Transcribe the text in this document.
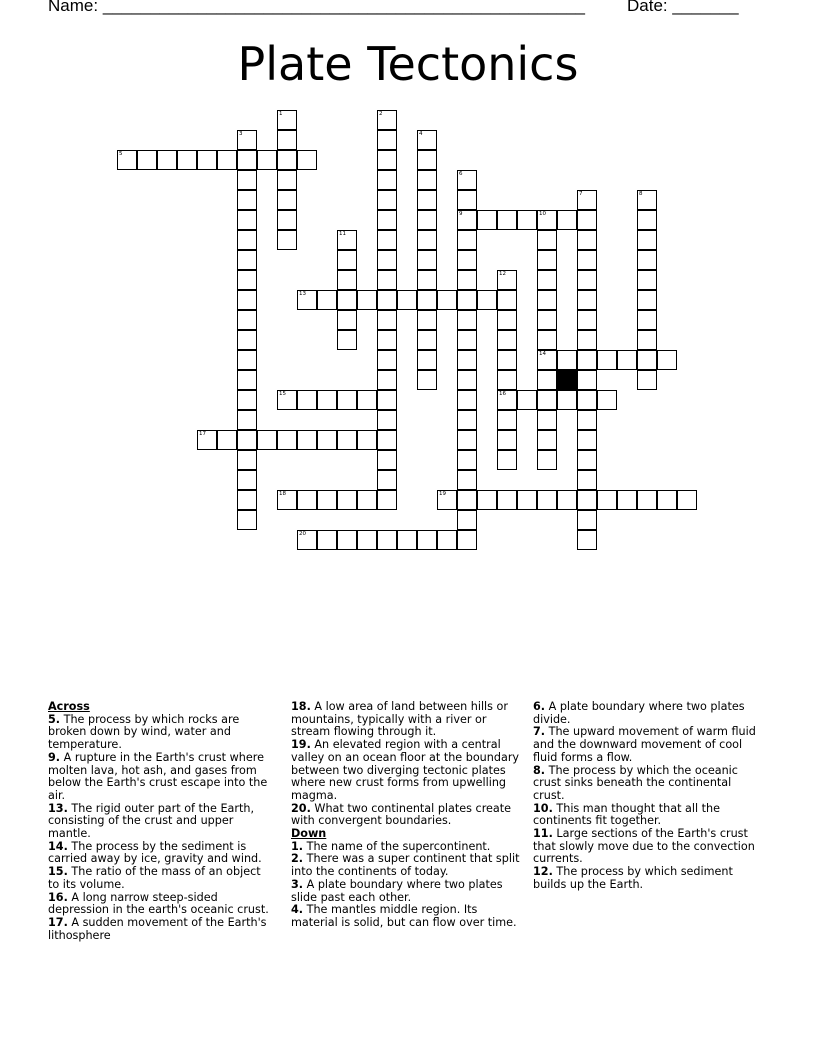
Name: ___________________________________________________ Date: _______
Plate Tectonics
1	2
3	4
5
6
9
7	8
10
14
11
12
16
13
15
17
18	19
20
Across
5. The process by which rocks are broken down by wind, water and temperature.
9. A rupture in the Earth's crust where molten lava, hot ash, and gases from below the Earth's crust escape into the air.
13. The rigid outer part of the Earth, consisting of the crust and upper mantle.
14. The process by the sediment is carried away by ice, gravity and wind.
15. The ratio of the mass of an object to its volume.
16. A long narrow steep-sided depression in the earth's oceanic crust.
17. A sudden movement of the Earth's lithosphere
18. A low area of land between hills or mountains, typically with a river or stream flowing through it.
19. An elevated region with a central valley on an ocean floor at the boundary between two diverging tectonic plates where new crust forms from upwelling magma.
20. What two continental plates create with convergent boundaries.
Down
1. The name of the supercontinent.
2. There was a super continent that split into the continents of today.
3. A plate boundary where two plates slide past each other.
4. The mantles middle region. Its material is solid, but can flow over time.
6. A plate boundary where two plates divide.
7. The upward movement of warm fluid and the downward movement of cool fluid forms a flow.
8. The process by which the oceanic crust sinks beneath the continental crust.
10. This man thought that all the continents fit together.
11. Large sections of the Earth's crust that slowly move due to the convection currents.
12. The process by which sediment builds up the Earth.
